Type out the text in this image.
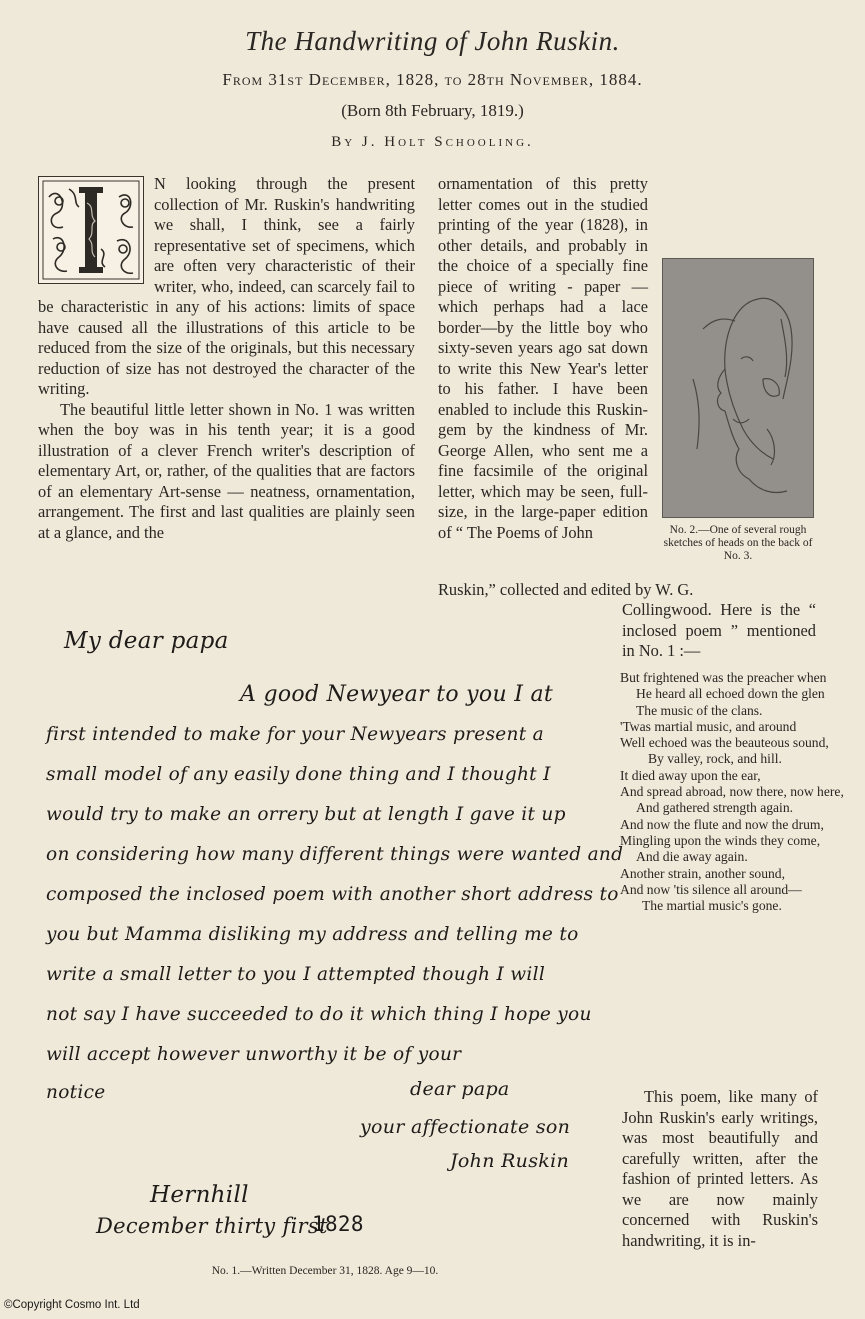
The Handwriting of John Ruskin.
From 31st December, 1828, to 28th November, 1884.
(Born 8th February, 1819.)
By J. Holt Schooling.

N looking through the present collection of Mr. Ruskin's handwriting we shall, I think, see a fairly representative set of specimens, which are often very characteristic of their writer, who, indeed, can scarcely fail to be characteristic in any of his actions: limits of space have caused all the illustrations of this article to be reduced from the size of the originals, but this necessary reduction of size has not destroyed the character of the writing.

The beautiful little letter shown in No. 1 was written when the boy was in his tenth year; it is a good illustration of a clever French writer's description of elementary Art, or, rather, of the qualities that are factors of an elementary Art-sense — neatness, ornamentation, arrangement. The first and last qualities are plainly seen at a glance, and the	No. 2.—One of several rough sketches of heads on the back of No. 3.

ornamentation of this pretty letter comes out in the studied printing of the year (1828), in other details, and probably in the choice of a specially fine piece of writing - paper — which perhaps had a lace border—by the little boy who sixty-seven years ago sat down to write this New Year's letter to his father. I have been enabled to include this Ruskin-gem by the kindness of Mr. George Allen, who sent me a fine facsimile of the original letter, which may be seen, full-size, in the large-paper edition of “ The Poems of John

Ruskin,” collected and edited by W. G.

Collingwood. Here is the “ inclosed poem ” mentioned in No. 1 :—
But frightened was the preacher when
He heard all echoed down the glen
The music of the clans.
'Twas martial music, and around
Well echoed was the beauteous sound,
By valley, rock, and hill.
It died away upon the ear,
And spread abroad, now there, now here,
And gathered strength again.
And now the flute and now the drum,
Mingling upon the winds they come,
And die away again.
Another strain, another sound,
And now 'tis silence all around—
The martial music's gone.

This poem, like many of John Ruskin's early writings, was most beautifully and carefully written, after the fashion of printed letters. As we are now mainly concerned with Ruskin's handwriting, it is in-

My dear papa
A good Newyear to you I at
first intended to make for your Newyears present a
small model of any easily done thing and I thought I
would try to make an orrery but at length I gave it up
on considering how many different things were wanted and
composed the inclosed poem with another short address to
you but Mamma disliking my address and telling me to
write a small letter to you I attempted though I will
not say I have succeeded to do it which thing I hope you
will accept however unworthy it be of your
notice	dear papa
your affectionate son
John Ruskin
Hernhill
December thirty first
1828
No. 1.—Written December 31, 1828. Age 9—10.
©Copyright Cosmo Int. Ltd
